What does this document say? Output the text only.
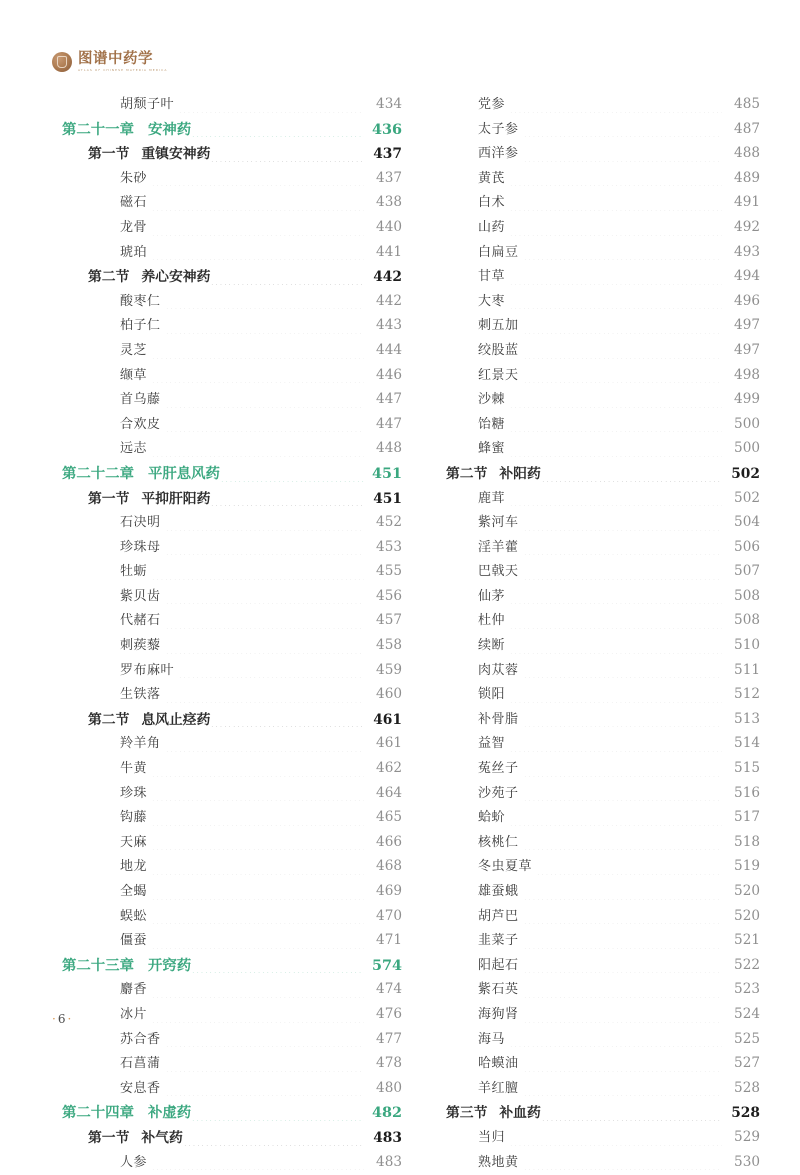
图谱中药学
ATLAS OF CHINESE MATERIA MEDICA
胡颓子叶	434
第二十一章 安神药	436
第一节 重镇安神药	437
朱砂	437
磁石	438
龙骨	440
琥珀	441
第二节 养心安神药	442
酸枣仁	442
柏子仁	443
灵芝	444
缬草	446
首乌藤	447
合欢皮	447
远志	448
第二十二章 平肝息风药	451
第一节 平抑肝阳药	451
石决明	452
珍珠母	453
牡蛎	455
紫贝齿	456
代赭石	457
刺蒺藜	458
罗布麻叶	459
生铁落	460
第二节 息风止痉药	461
羚羊角	461
牛黄	462
珍珠	464
钩藤	465
天麻	466
地龙	468
全蝎	469
蜈蚣	470
僵蚕	471
第二十三章 开窍药	574
麝香	474
冰片	476
苏合香	477
石菖蒲	478
安息香	480
第二十四章 补虚药	482
第一节 补气药	483
人参	483
党参	485
太子参	487
西洋参	488
黄芪	489
白术	491
山药	492
白扁豆	493
甘草	494
大枣	496
刺五加	497
绞股蓝	497
红景天	498
沙棘	499
饴糖	500
蜂蜜	500
第二节 补阳药	502
鹿茸	502
紫河车	504
淫羊藿	506
巴戟天	507
仙茅	508
杜仲	508
续断	510
肉苁蓉	511
锁阳	512
补骨脂	513
益智	514
菟丝子	515
沙苑子	516
蛤蚧	517
核桃仁	518
冬虫夏草	519
雄蚕蛾	520
胡芦巴	520
韭菜子	521
阳起石	522
紫石英	523
海狗肾	524
海马	525
哈蟆油	527
羊红膻	528
第三节 补血药	528
当归	529
熟地黄	530
·6·
